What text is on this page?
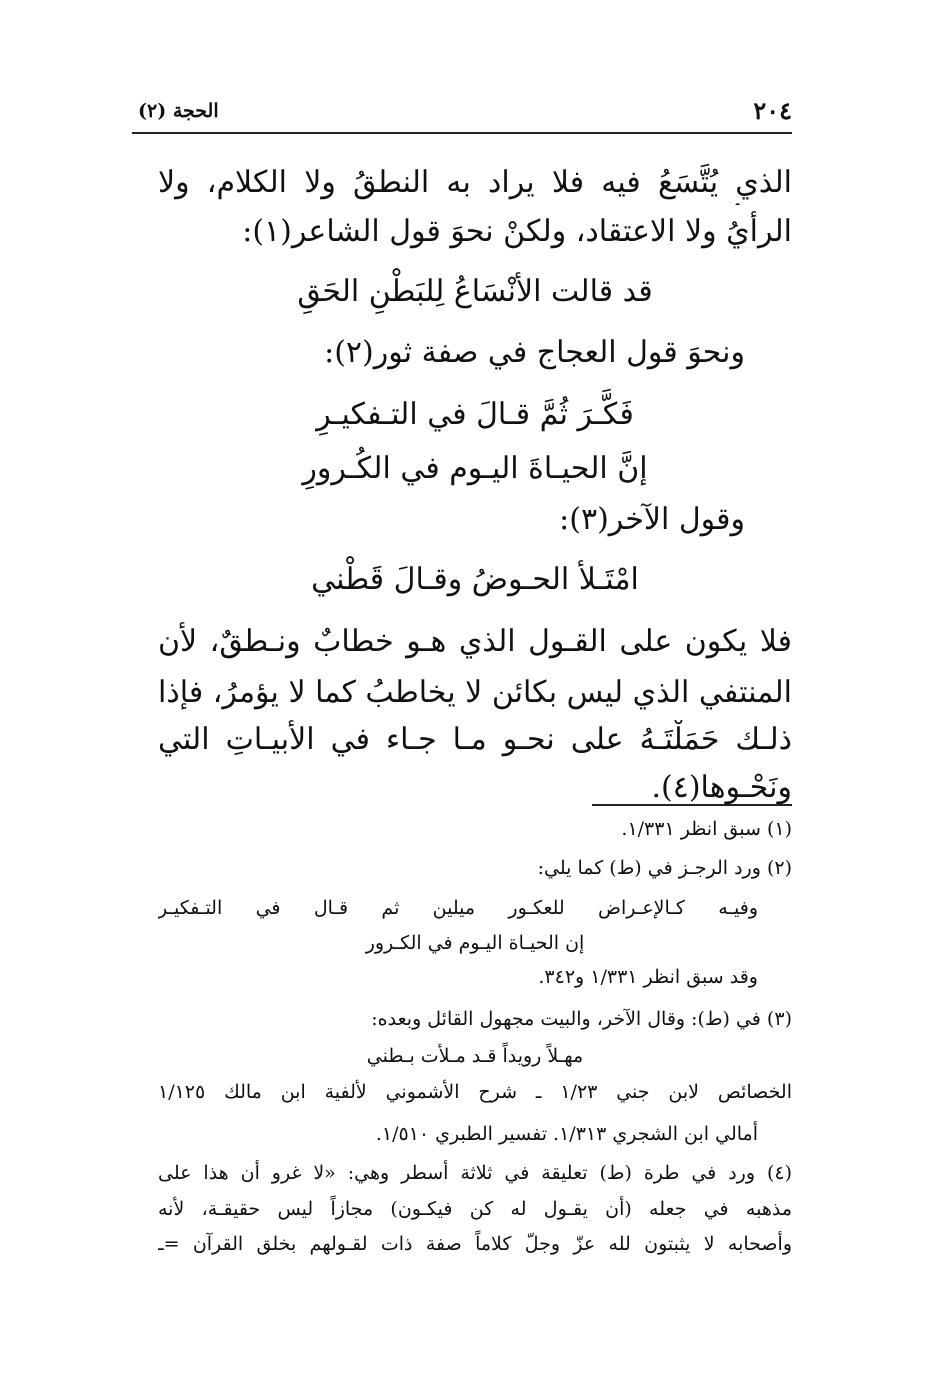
٢٠٤
الحجة (٢)
الذي يُتَّسَعُ فيه فلا يراد به النطقُ ولا الكلام، ولا
الرأيُ ولا الاعتقاد، ولكنْ نحوَ قول الشاعر(١):
قد قالت الأنْسَاعُ لِلبَطْنِ الحَقِ
ونحوَ قول العجاج في صفة ثور(٢):
فَكَّـرَ ثُمَّ قـالَ في التـفكيـرِ
إنَّ الحيـاةَ اليـوم في الكُـرورِ
وقول الآخر(٣):
امْتَـلأ الحـوضُ وقـالَ قَطْني
فلا يكون على القـول الذي هـو خطابٌ ونـطقٌ، لأن
المنتفي الذي ليس بكائن لا يخاطبُ كما لا يؤمرُ، فإذا
ذلـك حَمَلْتَـهُ على نحـو مـا جـاء في الأبيـاتِ التي
ونَحْـوها(٤).
(١) سبق انظر ١/٣٣١.
(٢) ورد الرجـز في (ط) كما يلي:
وفيـه كـالإعـراض للعكـور ميلين ثم قـال في التـفكيـر
إن الحيـاة اليـوم في الكـرور
وقد سبق انظر ١/٣٣١ و٣٤٢.
(٣) في (ط): وقال الآخر، والبيت مجهول القائل وبعده:
مهـلاً رويداً قـد مـلأت بـطني
الخصائص لابن جني ١/٢٣ ـ شرح الأشموني لألفية ابن مالك ١/١٢٥
أمالي ابن الشجري ١/٣١٣. تفسير الطبري ١/٥١٠.
(٤) ورد في طرة (ط) تعليقة في ثلاثة أسطر وهي: «لا غرو أن هذا على
مذهبه في جعله (أن يقـول له كن فيكـون) مجازاً ليس حقيقـة، لأنه
وأصحابه لا يثبتون لله عزّ وجلّ كلاماً صفة ذات لقـولهم بخلق القرآن =ـ
